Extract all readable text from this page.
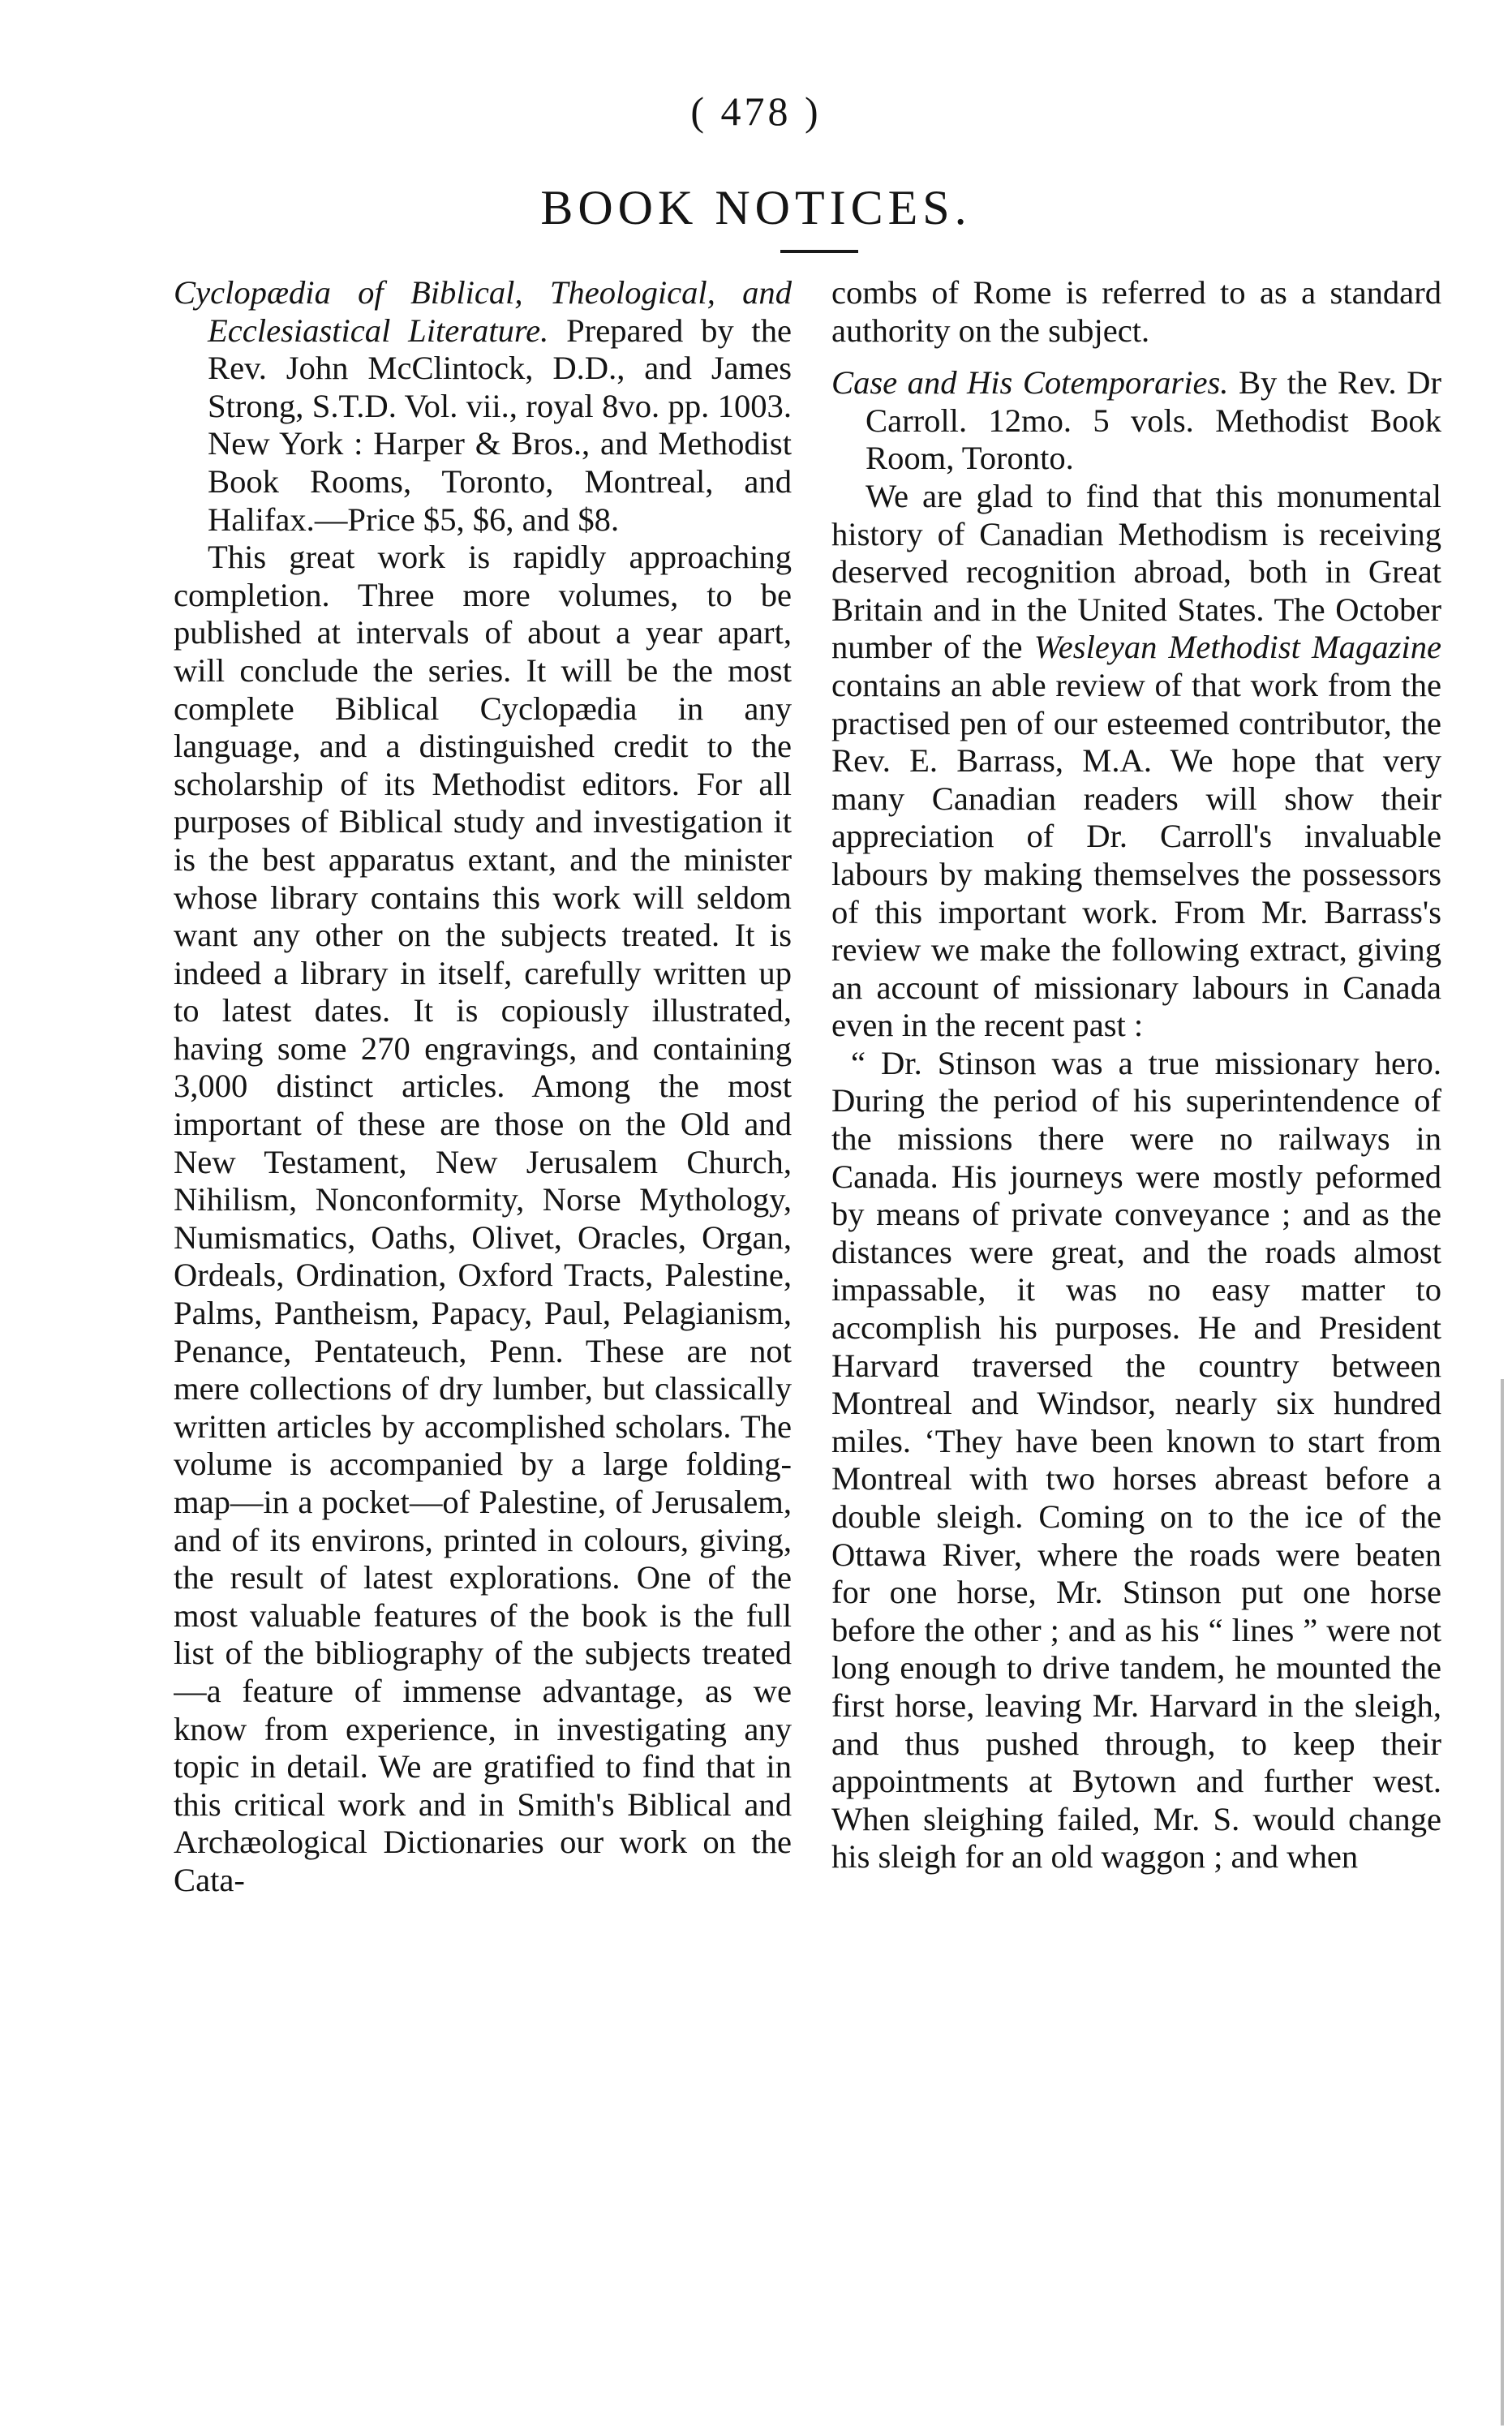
( 478 )
BOOK NOTICES.

Cyclopædia of Biblical, Theological, and Ecclesiastical Literature. Prepared by the Rev. John McClintock, D.D., and James Strong, S.T.D. Vol. vii., royal 8vo. pp. 1003. New York : Harper & Bros., and Methodist Book Rooms, Toronto, Montreal, and Halifax.—Price $5, $6, and $8.

This great work is rapidly approaching completion. Three more volumes, to be published at intervals of about a year apart, will conclude the series. It will be the most complete Biblical Cyclopædia in any language, and a distinguished credit to the scholarship of its Methodist editors. For all purposes of Biblical study and investigation it is the best apparatus extant, and the minister whose library contains this work will seldom want any other on the subjects treated. It is indeed a library in itself, carefully written up to latest dates. It is copiously illustrated, having some 270 engravings, and containing 3,000 distinct articles. Among the most important of these are those on the Old and New Testament, New Jerusalem Church, Nihilism, Nonconformity, Norse Mythology, Numismatics, Oaths, Olivet, Oracles, Organ, Ordeals, Ordination, Oxford Tracts, Palestine, Palms, Pantheism, Papacy, Paul, Pelagianism, Penance, Pentateuch, Penn. These are not mere collections of dry lumber, but classically written articles by accomplished scholars. The volume is accompanied by a large folding-map—in a pocket—of Palestine, of Jerusalem, and of its environs, printed in colours, giving, the result of latest explorations. One of the most valuable features of the book is the full list of the bibliography of the subjects treated—a feature of immense advantage, as we know from experience, in investigating any topic in detail. We are gratified to find that in this critical work and in Smith's Biblical and Archæological Dictionaries our work on the Cata-

combs of Rome is referred to as a standard authority on the subject.

Case and His Cotemporaries. By the Rev. Dr Carroll. 12mo. 5 vols. Methodist Book Room, Toronto.

We are glad to find that this monumental history of Canadian Methodism is receiving deserved recognition abroad, both in Great Britain and in the United States. The October number of the Wesleyan Methodist Magazine contains an able review of that work from the practised pen of our esteemed contributor, the Rev. E. Barrass, M.A. We hope that very many Canadian readers will show their appreciation of Dr. Carroll's invaluable labours by making themselves the possessors of this important work. From Mr. Barrass's review we make the following extract, giving an account of missionary labours in Canada even in the recent past :

“ Dr. Stinson was a true missionary hero. During the period of his superintendence of the missions there were no railways in Canada. His journeys were mostly peformed by means of private conveyance ; and as the distances were great, and the roads almost impassable, it was no easy matter to accomplish his purposes. He and President Harvard traversed the country between Montreal and Windsor, nearly six hundred miles. ‘They have been known to start from Montreal with two horses abreast before a double sleigh. Coming on to the ice of the Ottawa River, where the roads were beaten for one horse, Mr. Stinson put one horse before the other ; and as his “ lines ” were not long enough to drive tandem, he mounted the first horse, leaving Mr. Harvard in the sleigh, and thus pushed through, to keep their appointments at Bytown and further west. When sleighing failed, Mr. S. would change his sleigh for an old waggon ; and when
